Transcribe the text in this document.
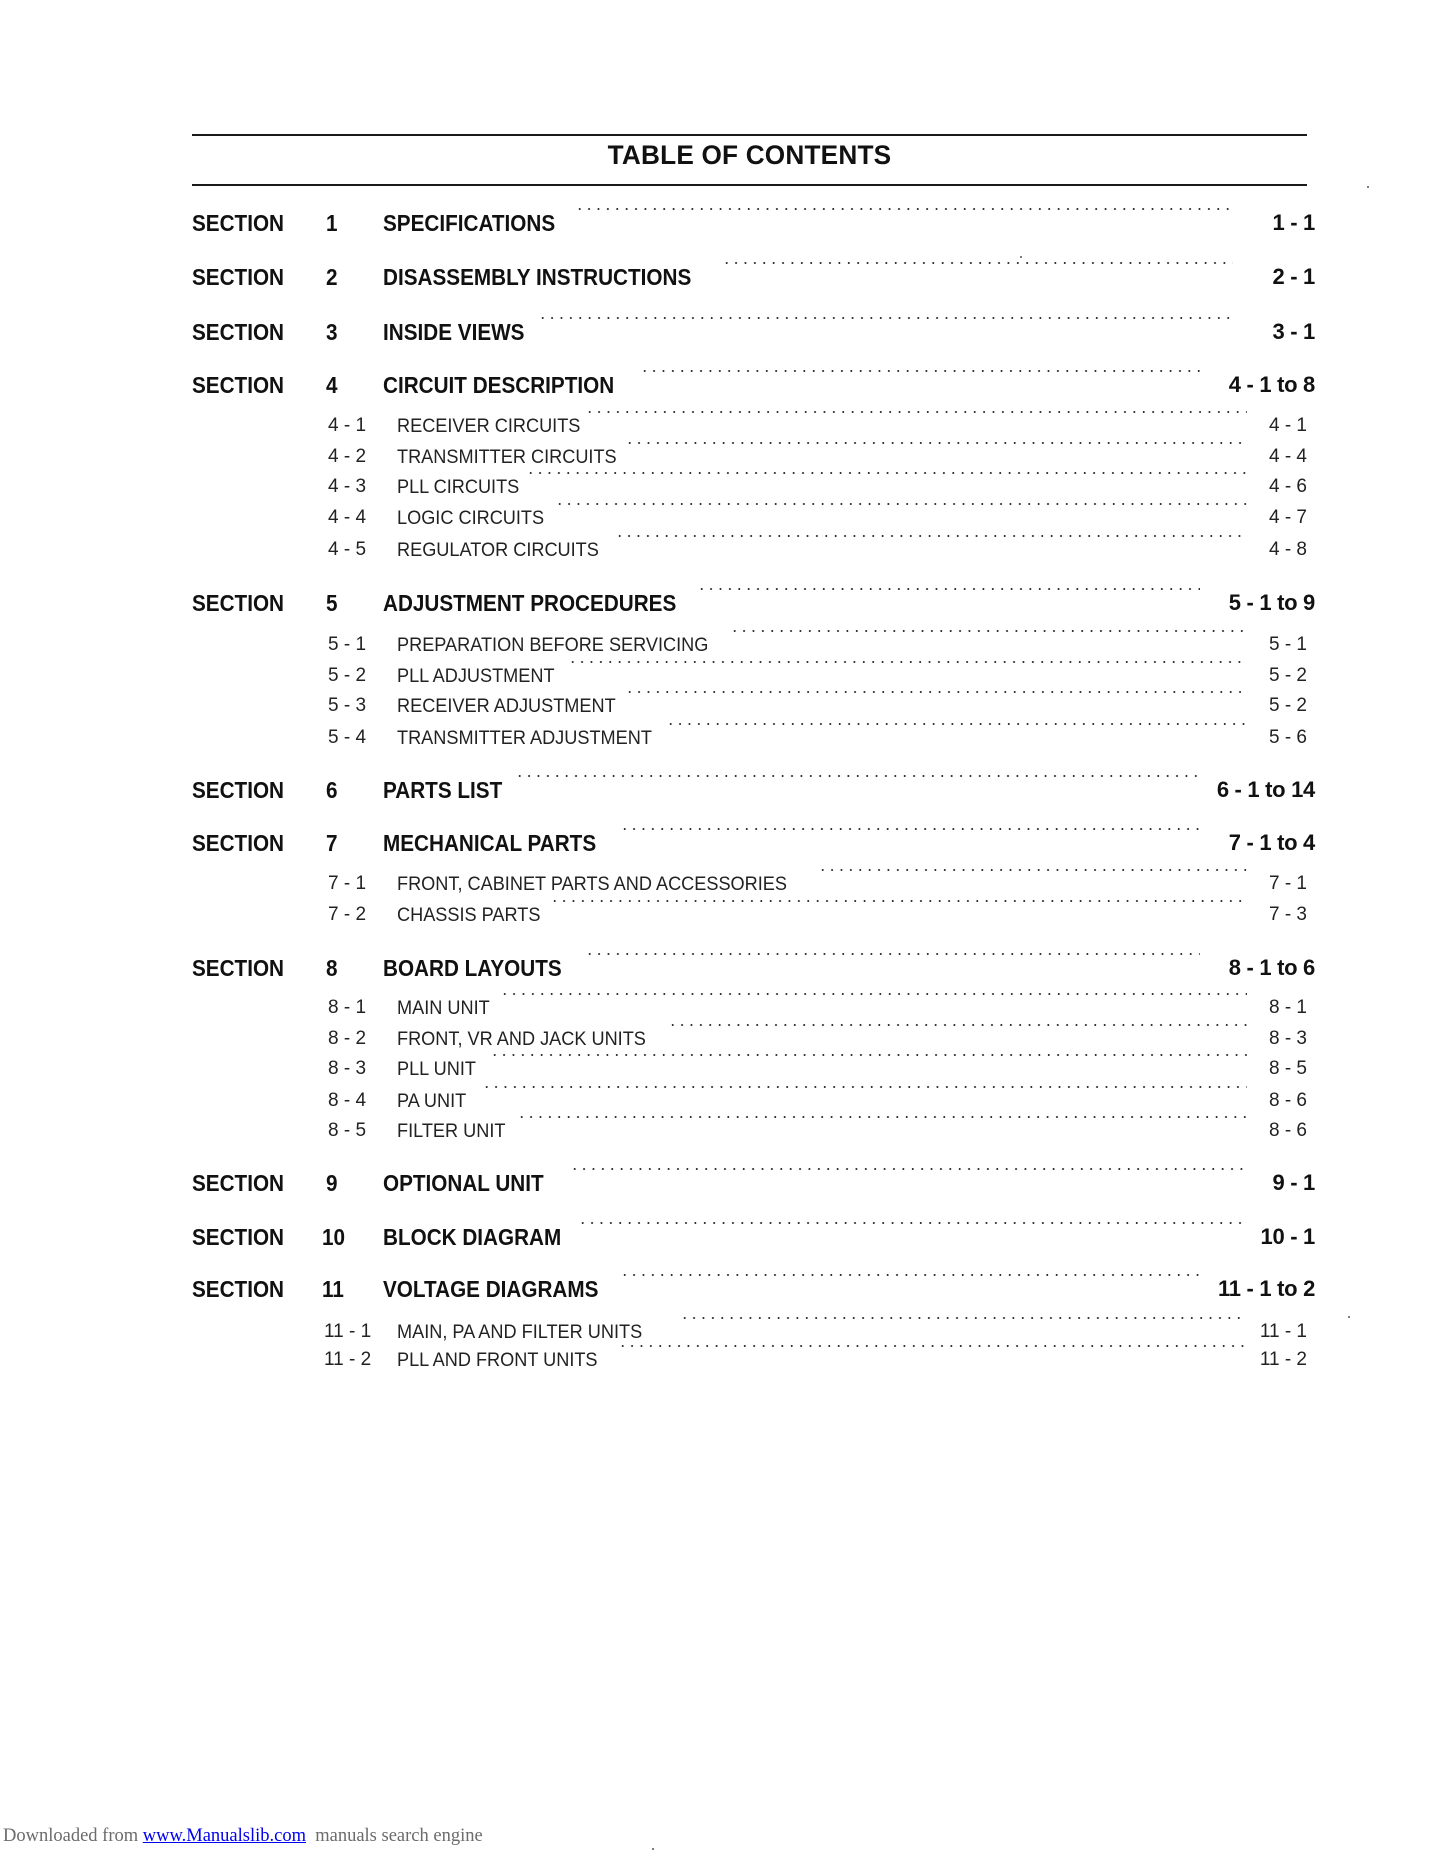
TABLE OF CONTENTS
SECTION 1 SPECIFICATIONS	1 - 1
SECTION 2 DISASSEMBLY INSTRUCTIONS	2 - 1
SECTION 3 INSIDE VIEWS	3 - 1
SECTION 4 CIRCUIT DESCRIPTION	4 - 1 to 8
4 - 1 RECEIVER CIRCUITS	4 - 1
4 - 2 TRANSMITTER CIRCUITS	4 - 4
4 - 3 PLL CIRCUITS	4 - 6
4 - 4 LOGIC CIRCUITS	4 - 7
4 - 5 REGULATOR CIRCUITS	4 - 8
SECTION 5 ADJUSTMENT PROCEDURES	5 - 1 to 9
5 - 1 PREPARATION BEFORE SERVICING	5 - 1
5 - 2 PLL ADJUSTMENT	5 - 2
5 - 3 RECEIVER ADJUSTMENT	5 - 2
5 - 4 TRANSMITTER ADJUSTMENT	5 - 6
SECTION 6 PARTS LIST	6 - 1 to 14
SECTION 7 MECHANICAL PARTS	7 - 1 to 4
7 - 1 FRONT, CABINET PARTS AND ACCESSORIES	7 - 1
7 - 2 CHASSIS PARTS	7 - 3
SECTION 8 BOARD LAYOUTS	8 - 1 to 6
8 - 1 MAIN UNIT	8 - 1
8 - 2 FRONT, VR AND JACK UNITS	8 - 3
8 - 3 PLL UNIT	8 - 5
8 - 4 PA UNIT	8 - 6
8 - 5 FILTER UNIT	8 - 6
SECTION 9 OPTIONAL UNIT	9 - 1
SECTION 10 BLOCK DIAGRAM	10 - 1
SECTION 11 VOLTAGE DIAGRAMS	11 - 1 to 2
11 - 1 MAIN, PA AND FILTER UNITS	11 - 1
11 - 2 PLL AND FRONT UNITS	11 - 2
Downloaded from www.Manualslib.com  manuals search engine
